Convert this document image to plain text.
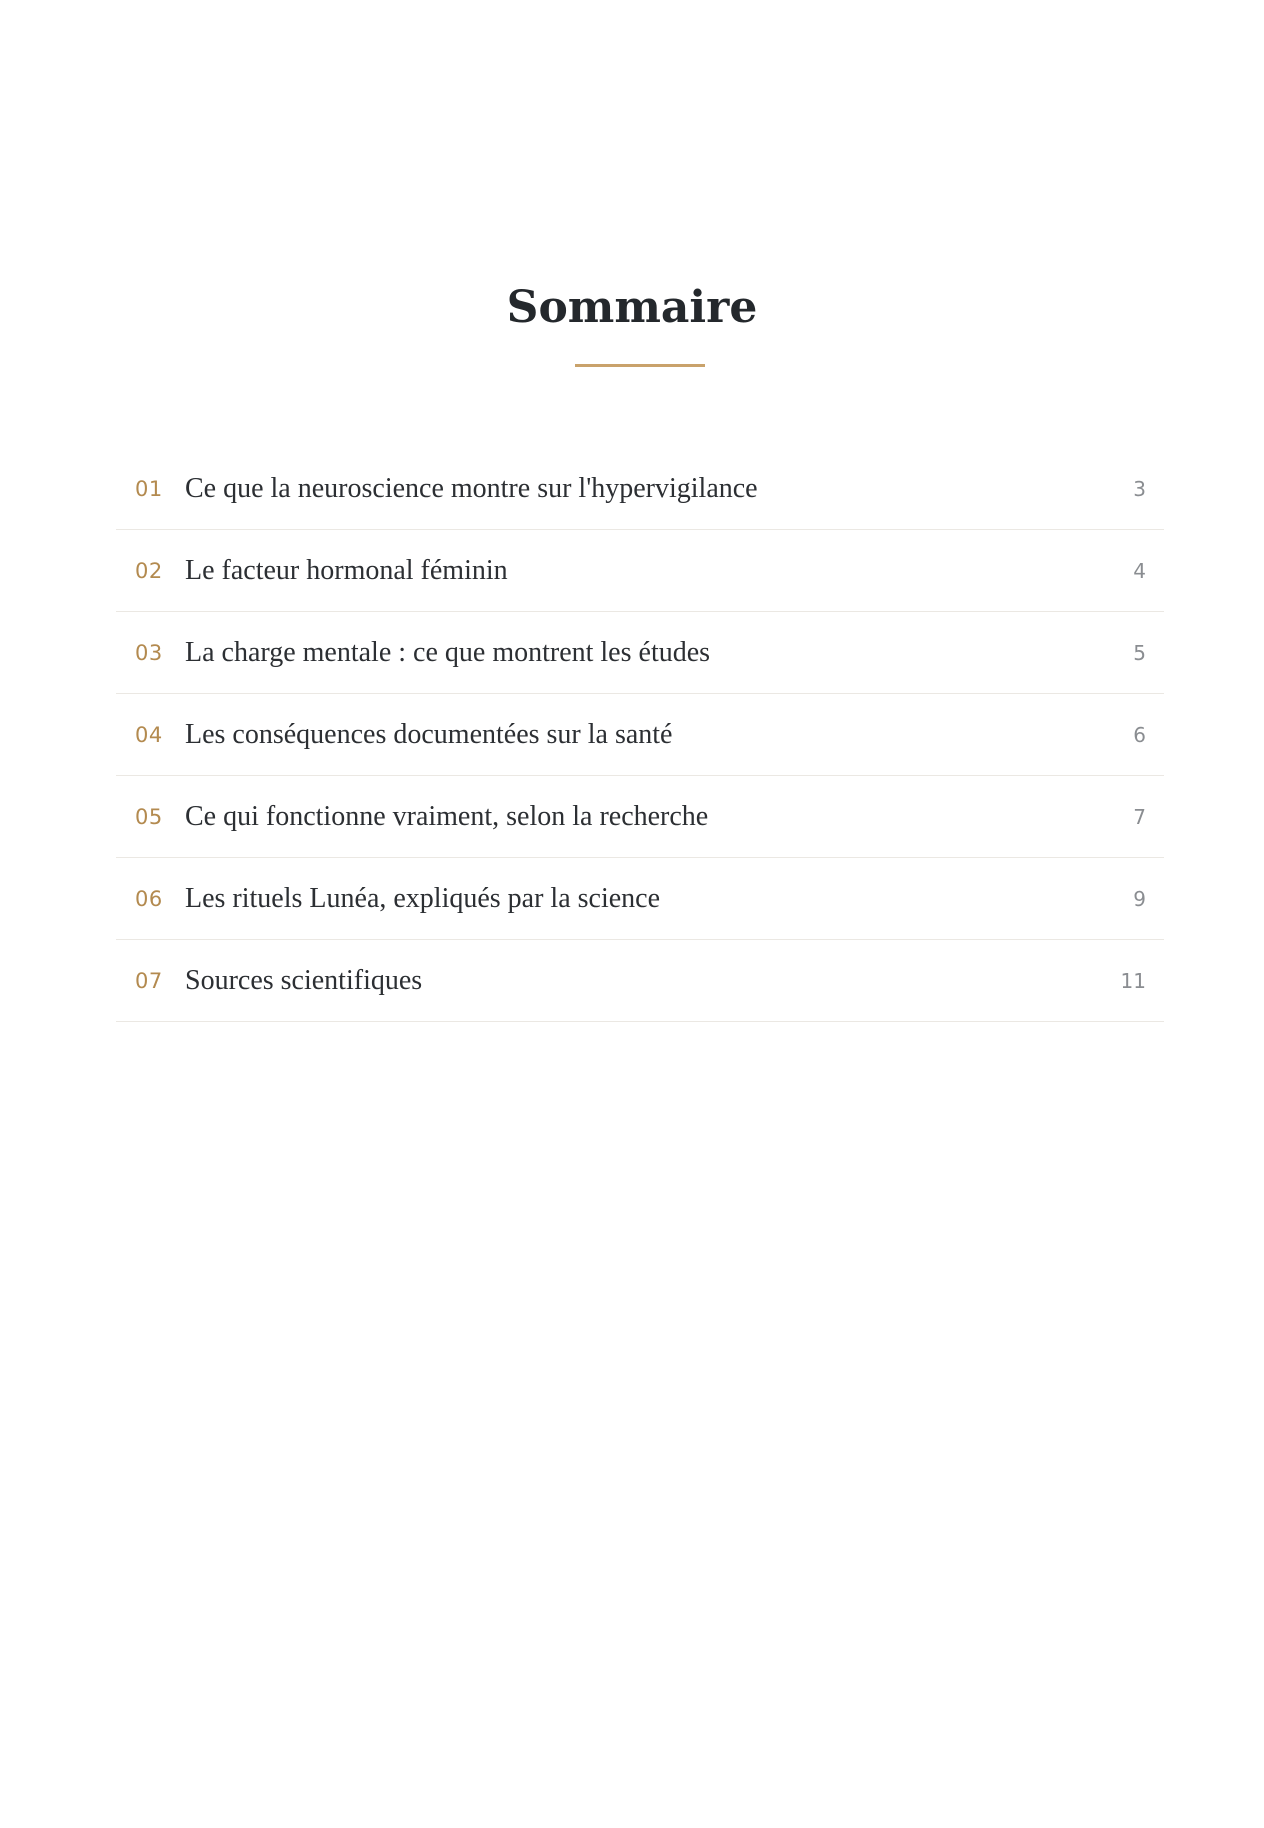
Sommaire
01 Ce que la neuroscience montre sur l'hypervigilance	3
02 Le facteur hormonal féminin	4
03 La charge mentale : ce que montrent les études	5
04 Les conséquences documentées sur la santé	6
05 Ce qui fonctionne vraiment, selon la recherche	7
06 Les rituels Lunéa, expliqués par la science	9
07 Sources scientifiques	11
